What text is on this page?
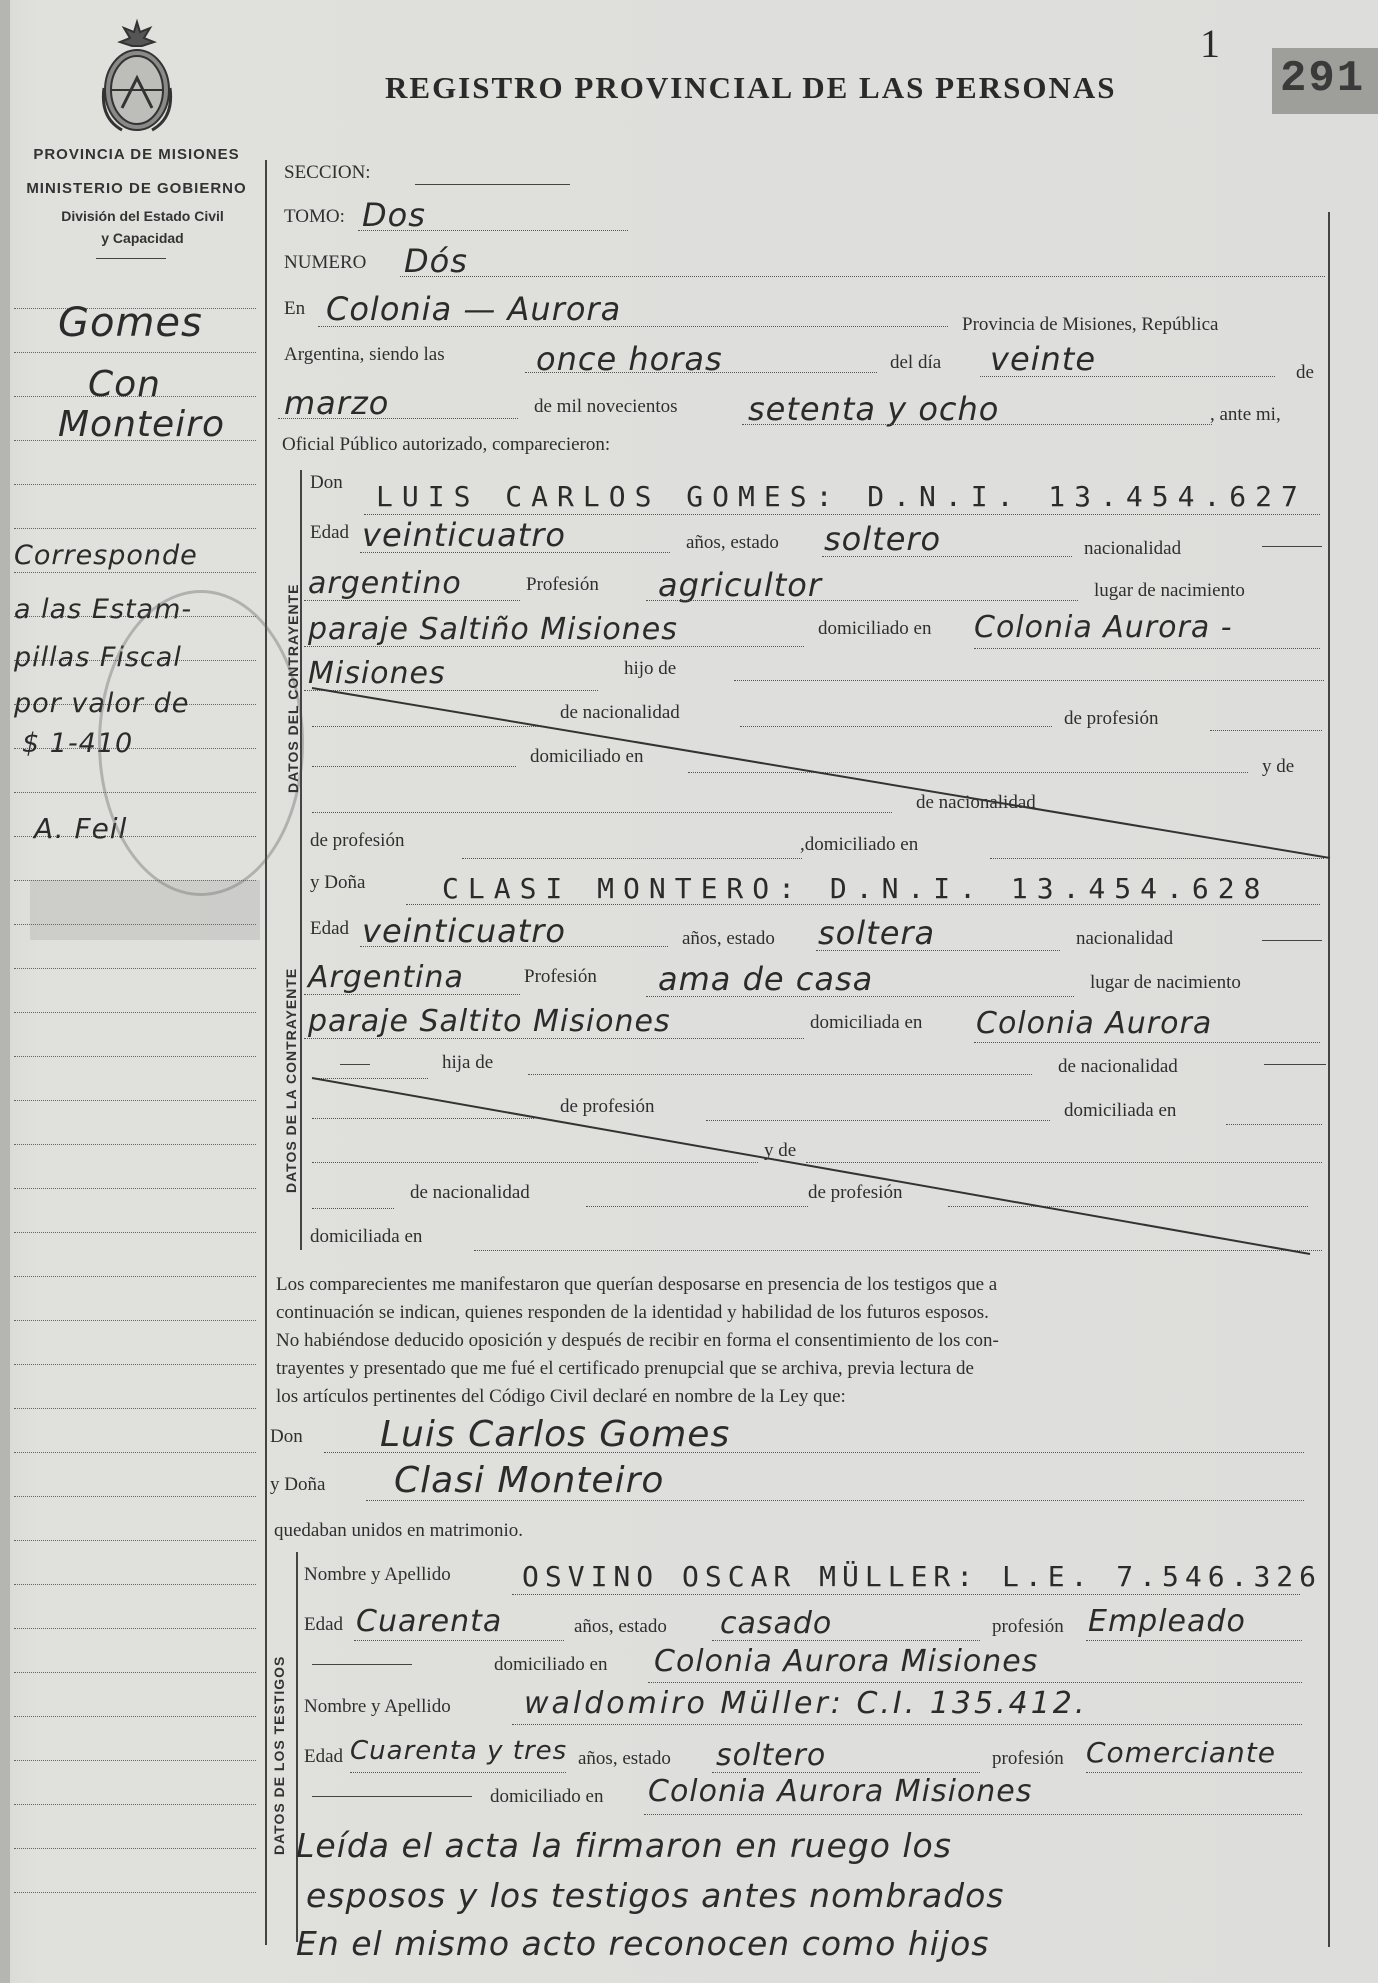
PROVINCIA DE MISIONES
MINISTERIO DE GOBIERNO
División del Estado Civil
y Capacidad
REGISTRO PROVINCIAL DE LAS PERSONAS
1
291
Gomes
Con
Monteiro
Corresponde
a las Estam-
pillas Fiscal
por valor de
$ 1-410
A. Feil
SECCION:
TOMO: Dos
NUMERO Dós
En Colonia — Aurora	Provincia de Misiones, República
Argentina, siendo las	once horas	del día veinte	de
marzo	de mil novecientos setenta y ocho	, ante mi,
Oficial Público autorizado, comparecieron:
DATOS DEL CONTRAYENTE
Don LUIS CARLOS GOMES: D.N.I. 13.454.627
Edad veinticuatro	años, estado soltero	nacionalidad
argentino	Profesión agricultor	lugar de nacimiento
paraje Saltiño Misiones	domiciliado en Colonia Aurora -
Misiones	hijo de
de nacionalidad	de profesión
domiciliado en	y de
de nacionalidad
de profesión	,domiciliado en
DATOS DE LA CONTRAYENTE
y Doña	CLASI MONTERO: D.N.I. 13.454.628
Edad veinticuatro	años, estado soltera	nacionalidad
Argentina	Profesión ama de casa	lugar de nacimiento
paraje Saltito Misiones	domiciliada en Colonia Aurora
hija de	de nacionalidad
de profesión	domiciliada en
y de
de nacionalidad	de profesión
domiciliada en
Los comparecientes me manifestaron que querían desposarse en presencia de los testigos que a
continuación se indican, quienes responden de la identidad y habilidad de los futuros esposos.
No habiéndose deducido oposición y después de recibir en forma el consentimiento de los con-
trayentes y presentado que me fué el certificado prenupcial que se archiva, previa lectura de
los artículos pertinentes del Código Civil declaré en nombre de la Ley que:
Don Luis Carlos Gomes
y Doña Clasi Monteiro
quedaban unidos en matrimonio.
DATOS DE LOS TESTIGOS
Nombre y Apellido	OSVINO OSCAR MÜLLER: L.E. 7.546.326
Edad Cuarenta	años, estado casado	profesión Empleado
domiciliado en Colonia Aurora Misiones
Nombre y Apellido waldomiro Müller: C.I. 135.412.
Edad Cuarenta y tres años, estado soltero	profesión Comerciante
domiciliado en Colonia Aurora Misiones
Leída el acta la firmaron en ruego los
esposos y los testigos antes nombrados
En el mismo acto reconocen como hijos
